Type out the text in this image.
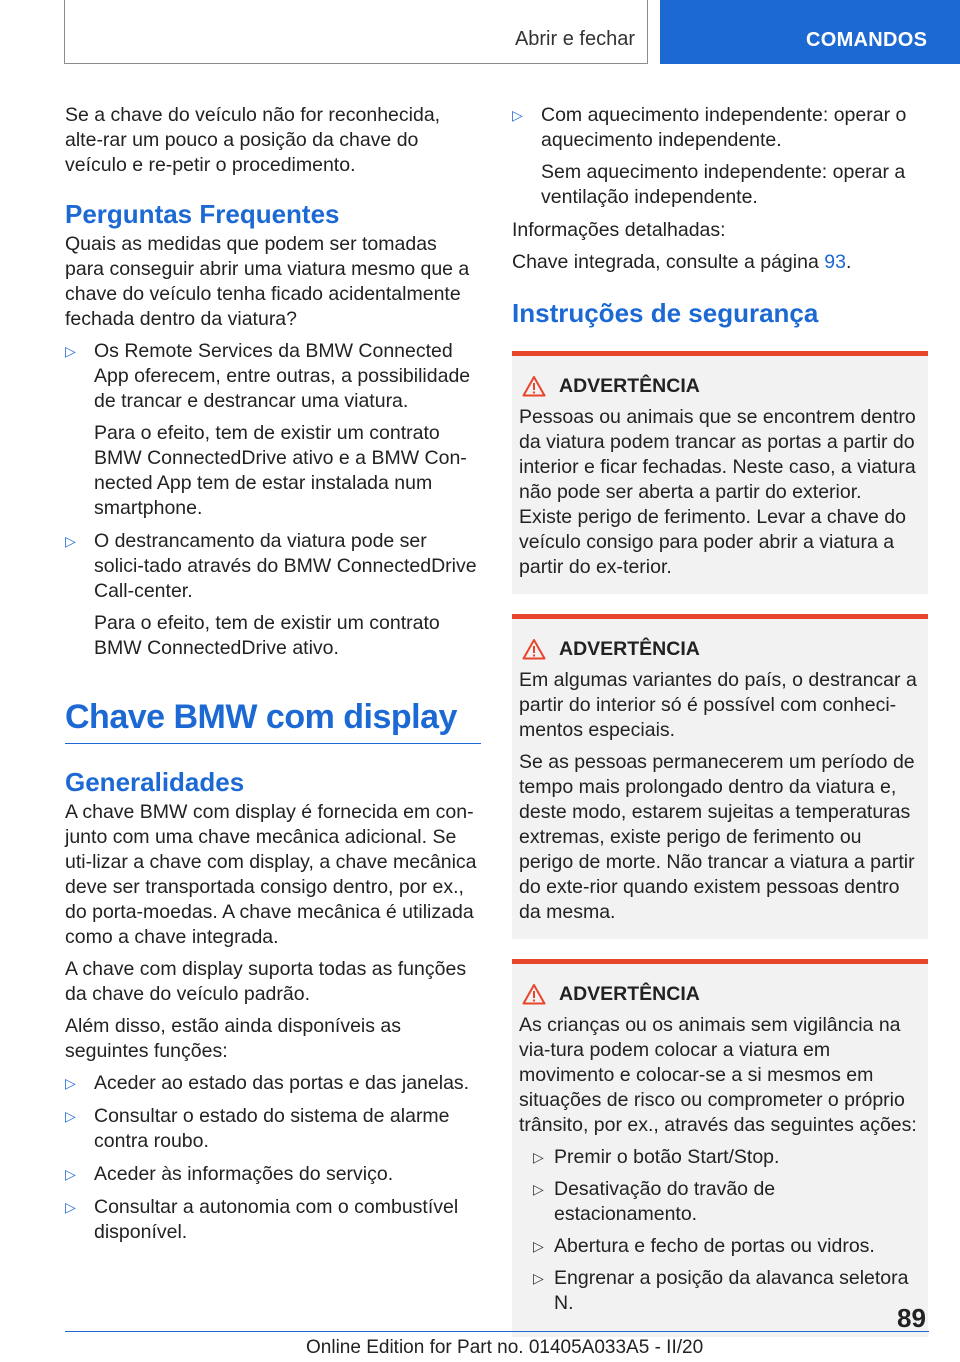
Abrir e fechar	COMANDOS

Se a chave do veículo não for reconhecida, alte-rar um pouco a posição da chave do veículo e re-petir o procedimento.

Perguntas Frequentes

Quais as medidas que podem ser tomadas para conseguir abrir uma viatura mesmo que a chave do veículo tenha ficado acidentalmente fechada dentro da viatura?

▷ Os Remote Services da BMW Connected App oferecem, entre outras, a possibilidade de trancar e destrancar uma viatura.

Para o efeito, tem de existir um contrato BMW ConnectedDrive ativo e a BMW Con-nected App tem de estar instalada num smartphone.

▷ O destrancamento da viatura pode ser solici-tado através do BMW ConnectedDrive Call-center.

Para o efeito, tem de existir um contrato BMW ConnectedDrive ativo.

Chave BMW com display
Generalidades

A chave BMW com display é fornecida em con-junto com uma chave mecânica adicional. Se uti-lizar a chave com display, a chave mecânica deve ser transportada consigo dentro, por ex., do porta-moedas. A chave mecânica é utilizada como a chave integrada.

A chave com display suporta todas as funções da chave do veículo padrão.

Além disso, estão ainda disponíveis as seguintes funções:

▷ Aceder ao estado das portas e das janelas.

▷ Consultar o estado do sistema de alarme contra roubo.

▷ Aceder às informações do serviço.

▷ Consultar a autonomia com o combustível disponível.

▷ Com aquecimento independente: operar o aquecimento independente.

Sem aquecimento independente: operar a ventilação independente.

Informações detalhadas:

Chave integrada, consulte a página 93.

Instruções de segurança
ADVERTÊNCIA

Pessoas ou animais que se encontrem dentro da viatura podem trancar as portas a partir do interior e ficar fechadas. Neste caso, a viatura não pode ser aberta a partir do exterior. Existe perigo de ferimento. Levar a chave do veículo consigo para poder abrir a viatura a partir do ex-terior.

ADVERTÊNCIA

Em algumas variantes do país, o destrancar a partir do interior só é possível com conheci-mentos especiais.

Se as pessoas permanecerem um período de tempo mais prolongado dentro da viatura e, deste modo, estarem sujeitas a temperaturas extremas, existe perigo de ferimento ou perigo de morte. Não trancar a viatura a partir do exte-rior quando existem pessoas dentro da mesma.

ADVERTÊNCIA

As crianças ou os animais sem vigilância na via-tura podem colocar a viatura em movimento e colocar-se a si mesmos em situações de risco ou comprometer o próprio trânsito, por ex., através das seguintes ações:

▷ Premir o botão Start/Stop.

▷ Desativação do travão de estacionamento.

▷ Abertura e fecho de portas ou vidros.

▷ Engrenar a posição da alavanca seletora N.	89
Online Edition for Part no. 01405A033A5 - II/20
